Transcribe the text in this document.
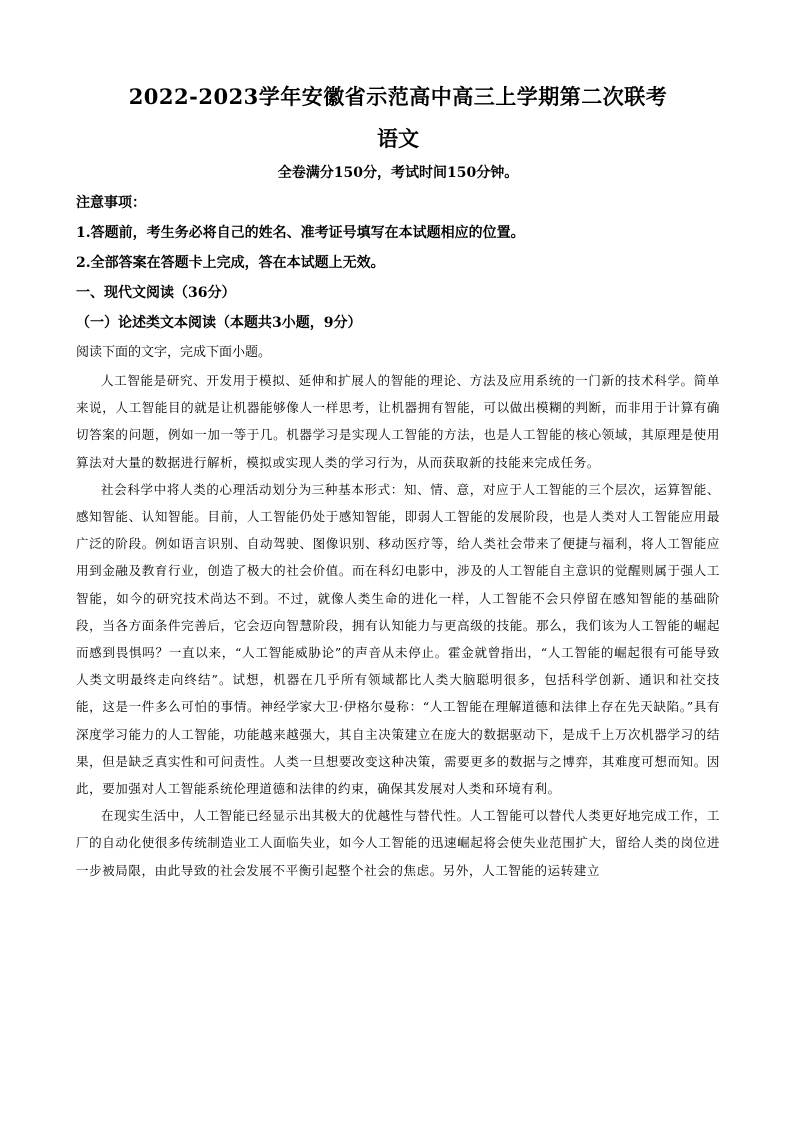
2022-2023学年安徽省示范高中高三上学期第二次联考
语文

全卷满分150分，考试时间150分钟。

注意事项：

1.答题前，考生务必将自己的姓名、准考证号填写在本试题相应的位置。

2.全部答案在答题卡上完成，答在本试题上无效。

一、现代文阅读（36分）

（一）论述类文本阅读（本题共3小题，9分）

阅读下面的文字，完成下面小题。

人工智能是研究、开发用于模拟、延伸和扩展人的智能的理论、方法及应用系统的一门新的技术科学。简单来说，人工智能目的就是让机器能够像人一样思考，让机器拥有智能，可以做出模糊的判断，而非用于计算有确切答案的问题，例如一加一等于几。机器学习是实现人工智能的方法，也是人工智能的核心领域，其原理是使用算法对大量的数据进行解析，模拟或实现人类的学习行为，从而获取新的技能来完成任务。

社会科学中将人类的心理活动划分为三种基本形式：知、情、意，对应于人工智能的三个层次，运算智能、感知智能、认知智能。目前，人工智能仍处于感知智能，即弱人工智能的发展阶段，也是人类对人工智能应用最广泛的阶段。例如语言识别、自动驾驶、图像识别、移动医疗等，给人类社会带来了便捷与福利，将人工智能应用到金融及教育行业，创造了极大的社会价值。而在科幻电影中，涉及的人工智能自主意识的觉醒则属于强人工智能，如今的研究技术尚达不到。不过，就像人类生命的进化一样，人工智能不会只停留在感知智能的基础阶段，当各方面条件完善后，它会迈向智慧阶段，拥有认知能力与更高级的技能。那么，我们该为人工智能的崛起而感到畏惧吗？一直以来，“人工智能威胁论”的声音从未停止。霍金就曾指出，“人工智能的崛起很有可能导致人类文明最终走向终结”。试想，机器在几乎所有领域都比人类大脑聪明很多，包括科学创新、通识和社交技能，这是一件多么可怕的事情。神经学家大卫·伊格尔曼称：“人工智能在理解道德和法律上存在先天缺陷。”具有深度学习能力的人工智能，功能越来越强大，其自主决策建立在庞大的数据驱动下，是成千上万次机器学习的结果，但是缺乏真实性和可问责性。人类一旦想要改变这种决策，需要更多的数据与之博弈，其难度可想而知。因此，要加强对人工智能系统伦理道德和法律的约束，确保其发展对人类和环境有利。

在现实生活中，人工智能已经显示出其极大的优越性与替代性。人工智能可以替代人类更好地完成工作，工厂的自动化使很多传统制造业工人面临失业，如今人工智能的迅速崛起将会使失业范围扩大，留给人类的岗位进一步被局限，由此导致的社会发展不平衡引起整个社会的焦虑。另外，人工智能的运转建立
